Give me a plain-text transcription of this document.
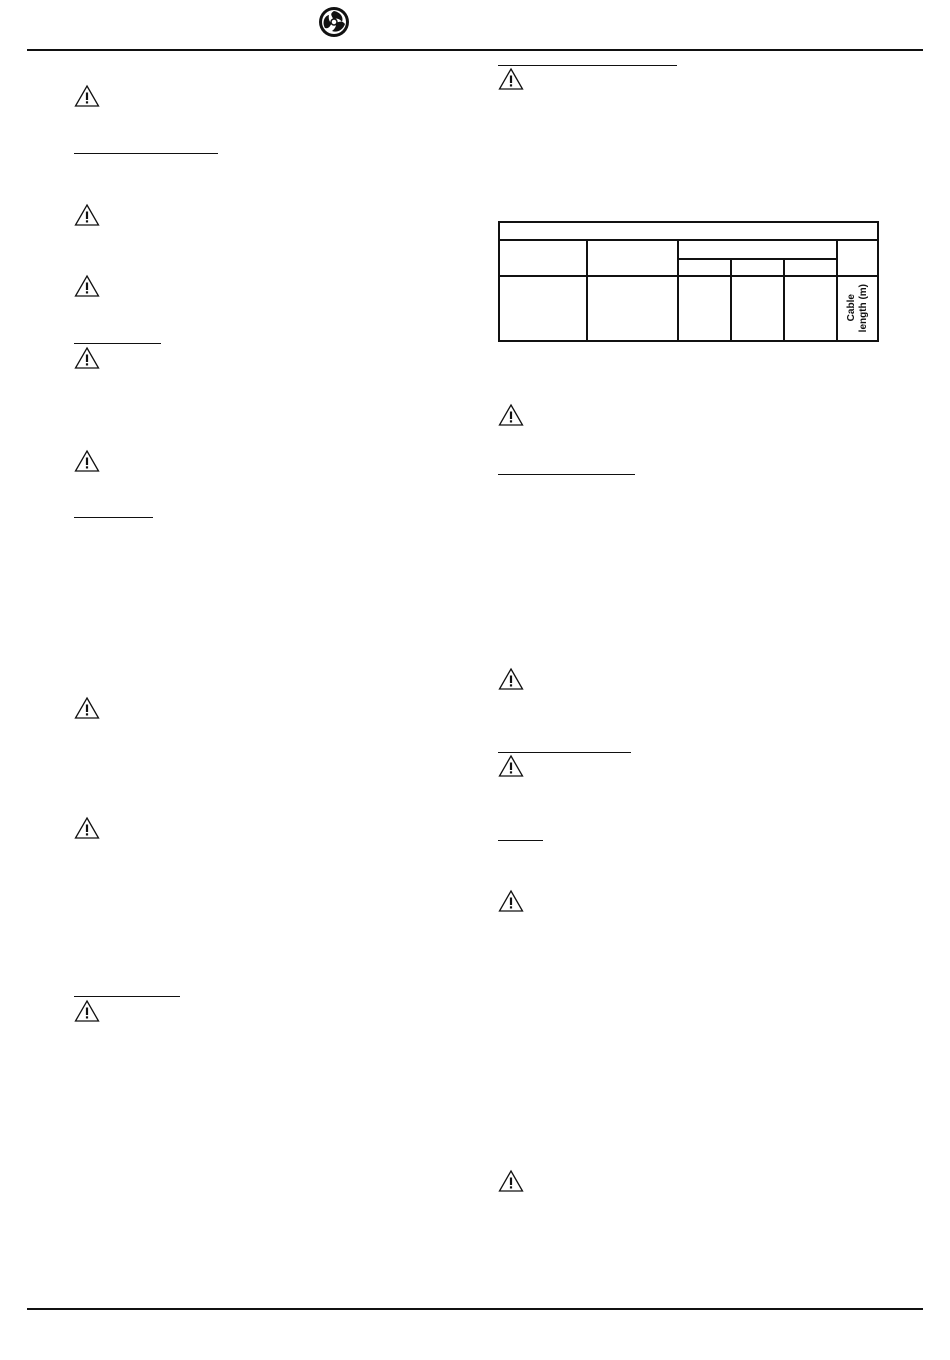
					Cable
length (m)
